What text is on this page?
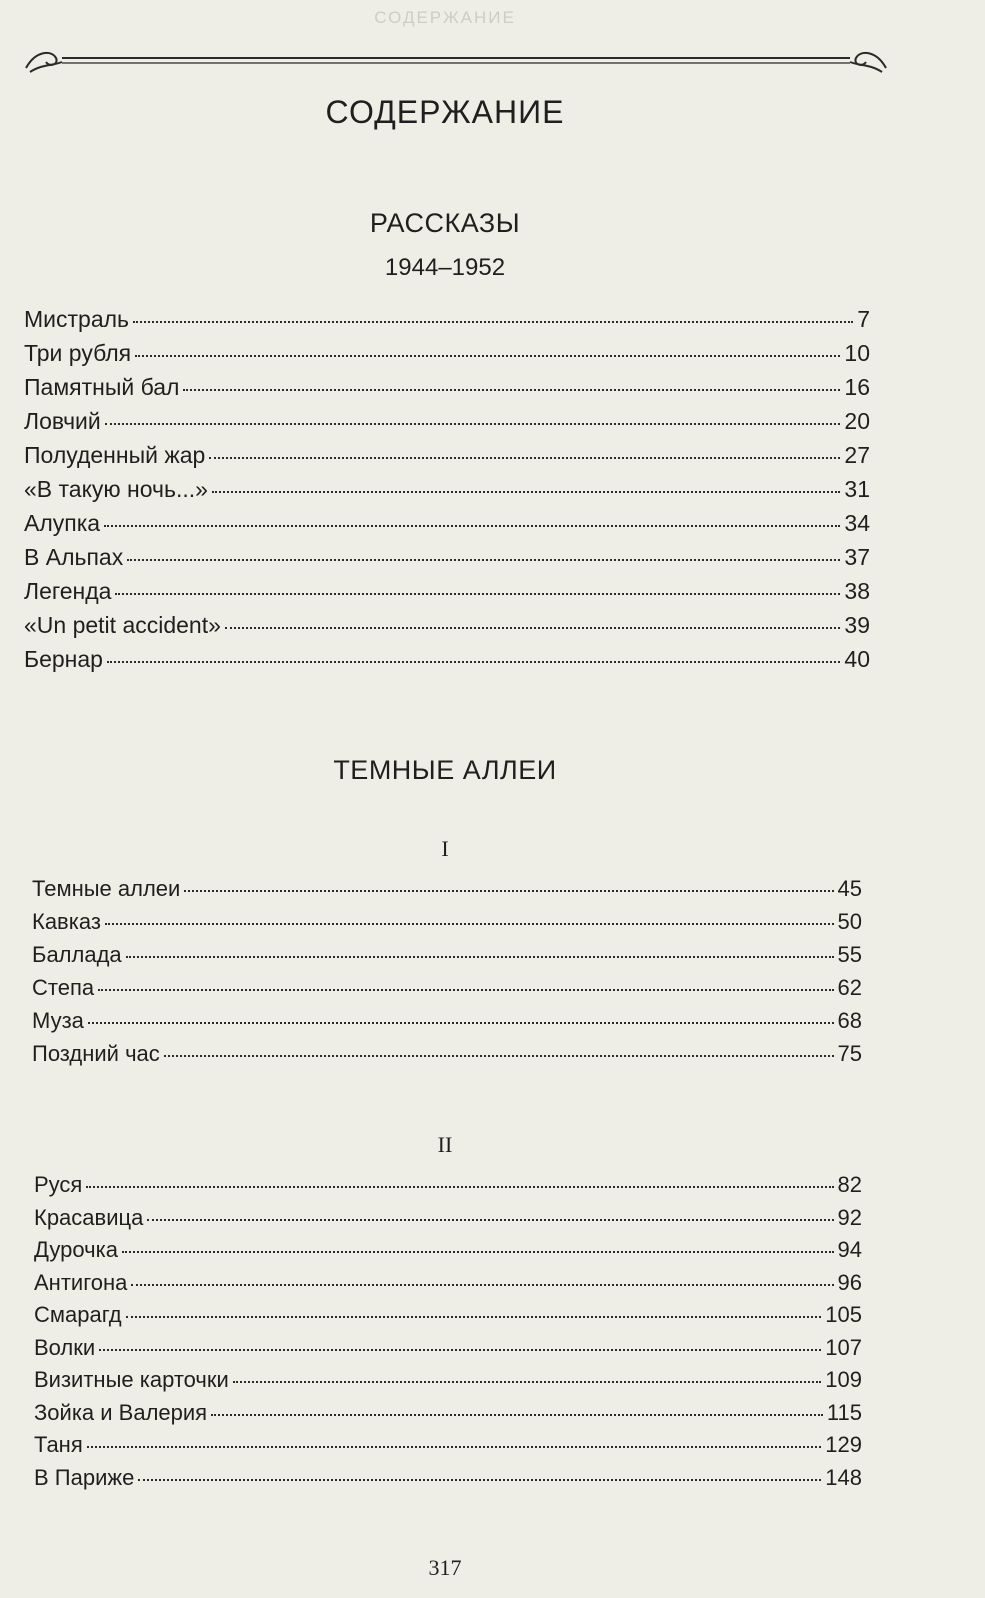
СОДЕРЖАНИЕ
СОДЕРЖАНИЕ
РАССКАЗЫ
1944–1952
Мистраль	7
Три рубля	10
Памятный бал	16
Ловчий	20
Полуденный жар	27
«В такую ночь...»	31
Алупка	34
В Альпах	37
Легенда	38
«Un petit accident»	39
Бернар	40
ТЕМНЫЕ АЛЛЕИ
I
Темные аллеи	45
Кавказ	50
Баллада	55
Степа	62
Муза	68
Поздний час	75
II
Руся	82
Красавица	92
Дурочка	94
Антигона	96
Смарагд	105
Волки	107
Визитные карточки	109
Зойка и Валерия	115
Таня	129
В Париже	148
317
